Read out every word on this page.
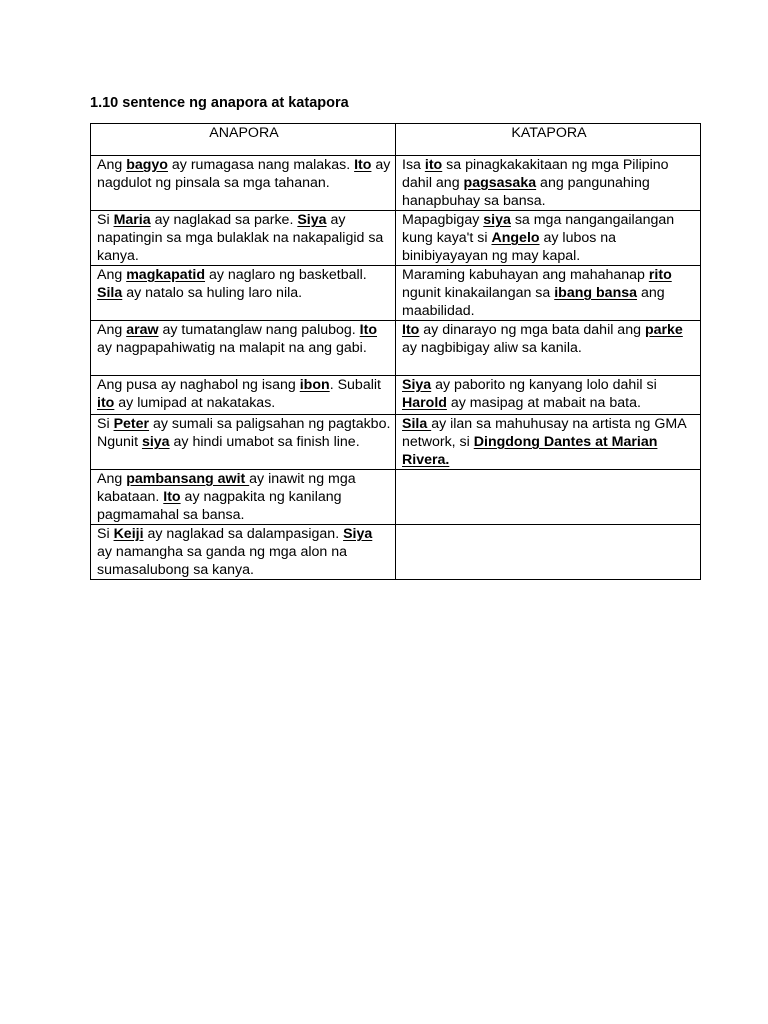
1.10 sentence ng anapora at katapora
ANAPORA	KATAPORA
Ang bagyo ay rumagasa nang malakas. Ito ay nagdulot ng pinsala sa mga tahanan.	Isa ito sa pinagkakakitaan ng mga Pilipino dahil ang pagsasaka ang pangunahing hanapbuhay sa bansa.
Si Maria ay naglakad sa parke. Siya ay napatingin sa mga bulaklak na nakapaligid sa kanya.	Mapagbigay siya sa mga nangangailangan kung kaya't si Angelo ay lubos na binibiyayayan ng may kapal.
Ang magkapatid ay naglaro ng basketball. Sila ay natalo sa huling laro nila.	Maraming kabuhayan ang mahahanap rito ngunit kinakailangan sa ibang bansa ang maabilidad.
Ang araw ay tumatanglaw nang palubog. Ito ay nagpapahiwatig na malapit na ang gabi.	Ito ay dinarayo ng mga bata dahil ang parke ay nagbibigay aliw sa kanila.
Ang pusa ay naghabol ng isang ibon. Subalit ito ay lumipad at nakatakas.	Siya ay paborito ng kanyang lolo dahil si Harold ay masipag at mabait na bata.
Si Peter ay sumali sa paligsahan ng pagtakbo. Ngunit siya ay hindi umabot sa finish line.	Sila ay ilan sa mahuhusay na artista ng GMA network, si Dingdong Dantes at Marian Rivera.
Ang pambansang awit ay inawit ng mga kabataan. Ito ay nagpakita ng kanilang pagmamahal sa bansa.	
Si Keiji ay naglakad sa dalampasigan. Siya ay namangha sa ganda ng mga alon na sumasalubong sa kanya.	
